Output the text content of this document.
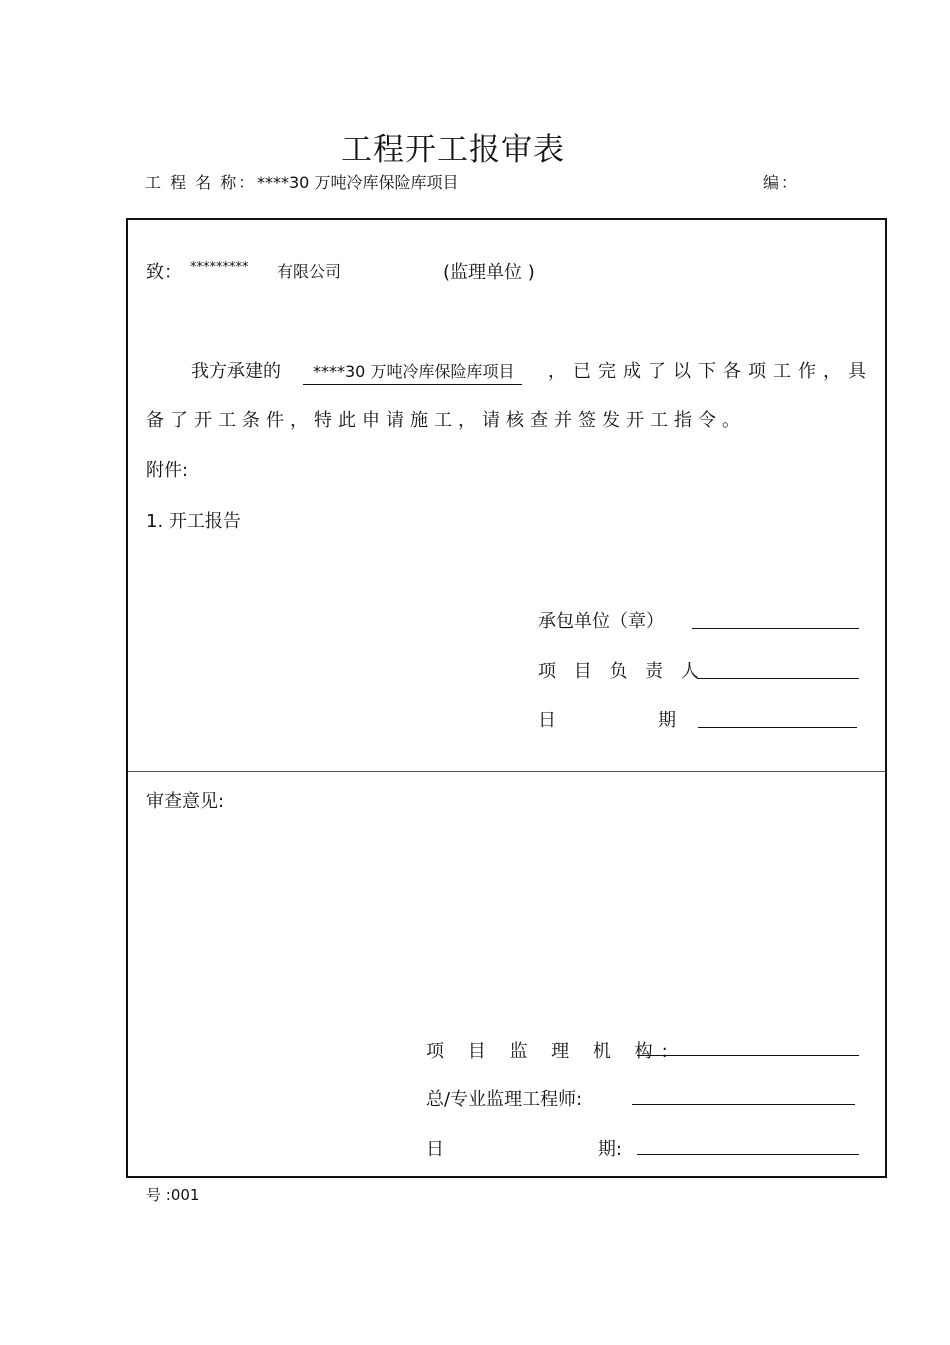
工程开工报审表
工 程 名 称： ****30 万吨冷库保险库项目	编：
致： ********* 有限公司	(监理单位 )
我方承建的	****30 万吨冷库保险库项目	，已完成了以下各项工作，具
备了开工条件，特此申请施工，请核查并签发开工指令。
附件:
1. 开工报告
承包单位（章）
项 目 负 责 人
日	期
审查意见:
项 目 监 理 机 构:
总/专业监理工程师:
日	期:
号 :001
